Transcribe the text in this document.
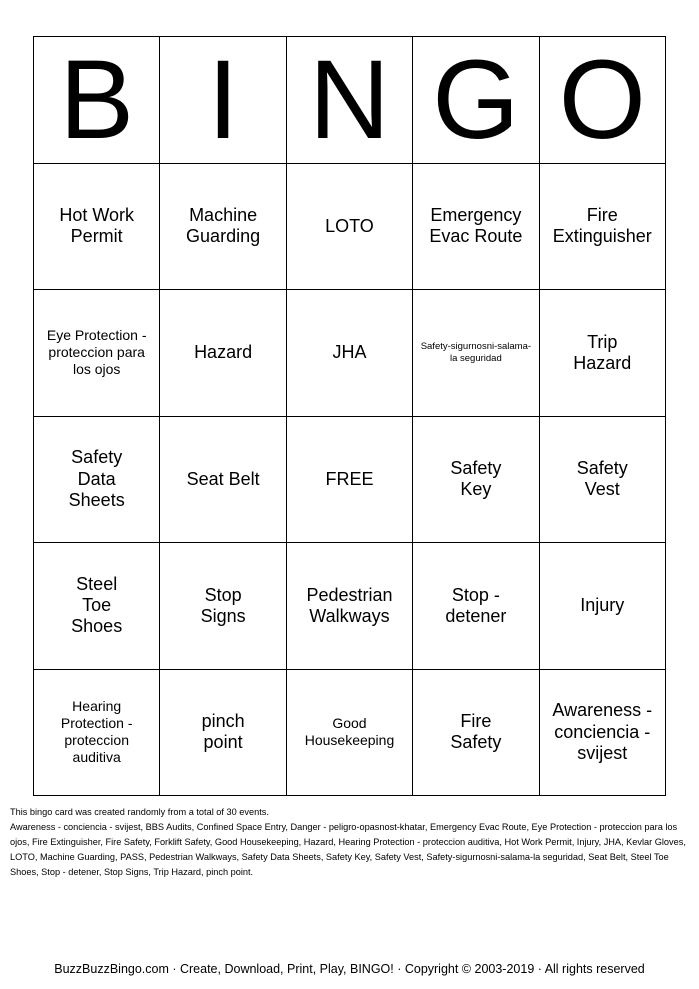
B	I	N	G	O

Hot Work Permit	Machine Guarding	LOTO	Emergency Evac Route	Fire Extinguisher

Eye Protection - proteccion para los ojos	Hazard	JHA	Safety-sigurnosni-salama-la seguridad	Trip Hazard

Safety Data Sheets	Seat Belt	FREE	Safety Key	Safety Vest

Steel Toe Shoes	Stop Signs	Pedestrian Walkways	Stop - detener	Injury

Hearing Protection - proteccion auditiva	pinch point	Good Housekeeping	Fire Safety	Awareness - conciencia - svijest

This bingo card was created randomly from a total of 30 events.

Awareness - conciencia - svijest, BBS Audits, Confined Space Entry, Danger - peligro-opasnost-khatar, Emergency Evac Route, Eye Protection - proteccion para los ojos, Fire Extinguisher, Fire Safety, Forklift Safety, Good Housekeeping, Hazard, Hearing Protection - proteccion auditiva, Hot Work Permit, Injury, JHA, Kevlar Gloves, LOTO, Machine Guarding, PASS, Pedestrian Walkways, Safety Data Sheets, Safety Key, Safety Vest, Safety-sigurnosni-salama-la seguridad, Seat Belt, Steel Toe Shoes, Stop - detener, Stop Signs, Trip Hazard, pinch point.

BuzzBuzzBingo.com · Create, Download, Print, Play, BINGO! · Copyright © 2003-2019 · All rights reserved
